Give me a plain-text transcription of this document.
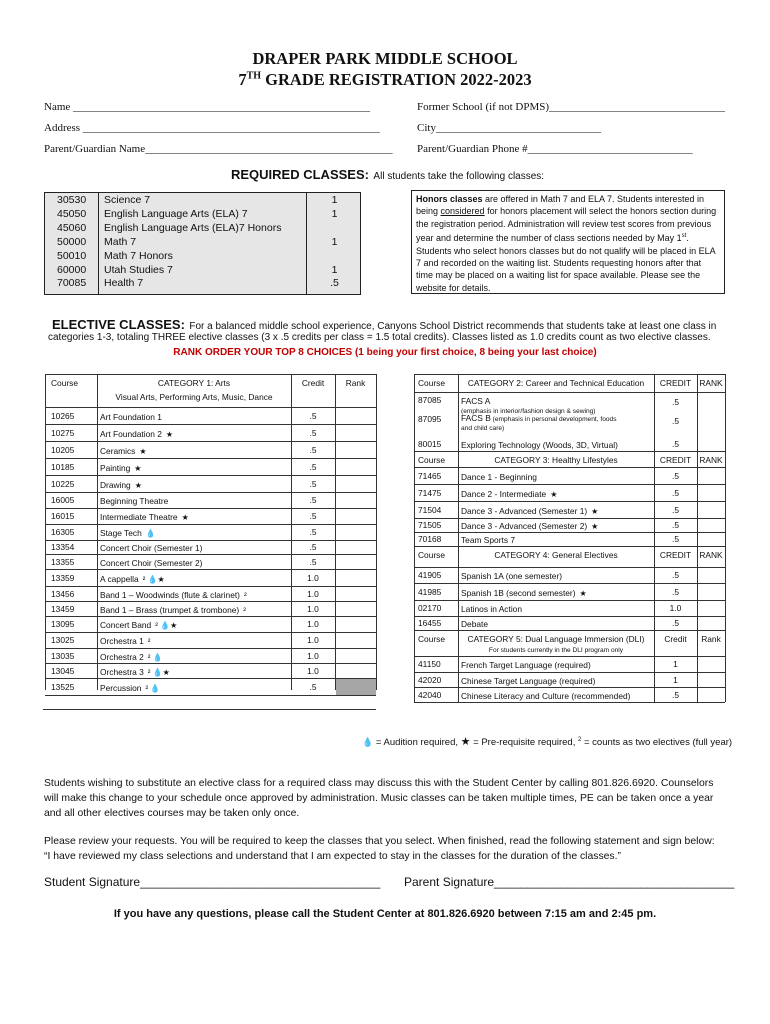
DRAPER PARK MIDDLE SCHOOL
7TH GRADE REGISTRATION 2022-2023
Name ______________________________________________________	Former School (if not DPMS)________________________________
Address ______________________________________________________	City______________________________
Parent/Guardian Name_____________________________________________ Parent/Guardian Phone #______________________________
REQUIRED CLASSES: All students take the following classes:
30530 Science 7	1
45050 English Language Arts (ELA) 7	1
45060 English Language Arts (ELA)7 Honors
50000 Math 7	1
50010 Math 7 Honors
60000 Utah Studies 7	1
70085 Health 7	.5
Honors classes are offered in Math 7 and ELA 7. Students interested in being considered for honors placement will select the honors section during the registration period. Administration will review test scores from previous year and determine the number of class sections needed by May 1st. Students who select honors classes but do not qualify will be placed in ELA 7 and recorded on the waiting list. Students requesting honors after that time may be placed on a waiting list for space available. Please see the website for details.
ELECTIVE CLASSES: For a balanced middle school experience, Canyons School District recommends that students take at least one class in
categories 1-3, totaling THREE elective classes (3 x .5 credits per class = 1.5 total credits). Classes listed as 1.0 credits count as two elective classes.
RANK ORDER YOUR TOP 8 CHOICES (1 being your first choice, 8 being your last choice)
Course	CATEGORY 1: Arts
Visual Arts, Performing Arts, Music, Dance
Credit	Rank
10265	Art Foundation 1	.5
10275	Art Foundation 2 ★	.5
10205	Ceramics ★	.5
10185	Painting ★	.5
10225	Drawing ★	.5
16005	Beginning Theatre	.5
16015	Intermediate Theatre ★	.5
16305	Stage Tech 💧	.5
13354	Concert Choir (Semester 1)	.5
13355	Concert Choir (Semester 2)	.5
13359	A cappella ² 💧★	1.0
13456	Band 1 – Woodwinds (flute & clarinet) ²	1.0
13459	Band 1 – Brass (trumpet & trombone) ²	1.0
13095	Concert Band ² 💧★	1.0
13025	Orchestra 1 ²	1.0
13035	Orchestra 2 ² 💧	1.0
13045	Orchestra 3 ² 💧★	1.0
13525	Percussion ² 💧	.5
Course	CATEGORY 2: Career and Technical Education	CREDIT RANK
87085 FACS A
(emphasis in interior/fashion design & sewing)
.5
87095 FACS B (emphasis in personal development, foods
and child care)
.5
80015 Exploring Technology (Woods, 3D, Virtual)	.5
Course	CATEGORY 3: Healthy Lifestyles	CREDIT RANK
71465 Dance 1 - Beginning	.5
71475 Dance 2 - Intermediate ★	.5
71504 Dance 3 - Advanced (Semester 1) ★	.5
71505 Dance 3 - Advanced (Semester 2) ★	.5
70168 Team Sports 7	.5
Course	CATEGORY 4: General Electives	CREDIT RANK
41905 Spanish 1A (one semester)	.5
41985 Spanish 1B (second semester) ★	.5
02170 Latinos in Action	1.0
16455 Debate	.5
Course	CATEGORY 5: Dual Language Immersion (DLI)
For students currently in the DLI program only
Credit	Rank
41150 French Target Language (required)	1
42020 Chinese Target Language (required)	1
42040 Chinese Literacy and Culture (recommended)	.5
💧 = Audition required, ★ = Pre-requisite required, $^2$ = counts as two electives (full year)
Students wishing to substitute an elective class for a required class may discuss this with the Student Center by calling 801.826.6920. Counselors will make this change to your schedule once approved by administration. Music classes can be taken multiple times, PE can be taken once a year and all other electives courses may be taken only once.
Please review your requests. You will be required to keep the classes that you select. When finished, read the following statement and sign below:
“I have reviewed my class selections and understand that I am expected to stay in the classes for the duration of the classes.”
Student Signature____________________________________ Parent Signature____________________________________
If you have any questions, please call the Student Center at 801.826.6920 between 7:15 am and 2:45 pm.
